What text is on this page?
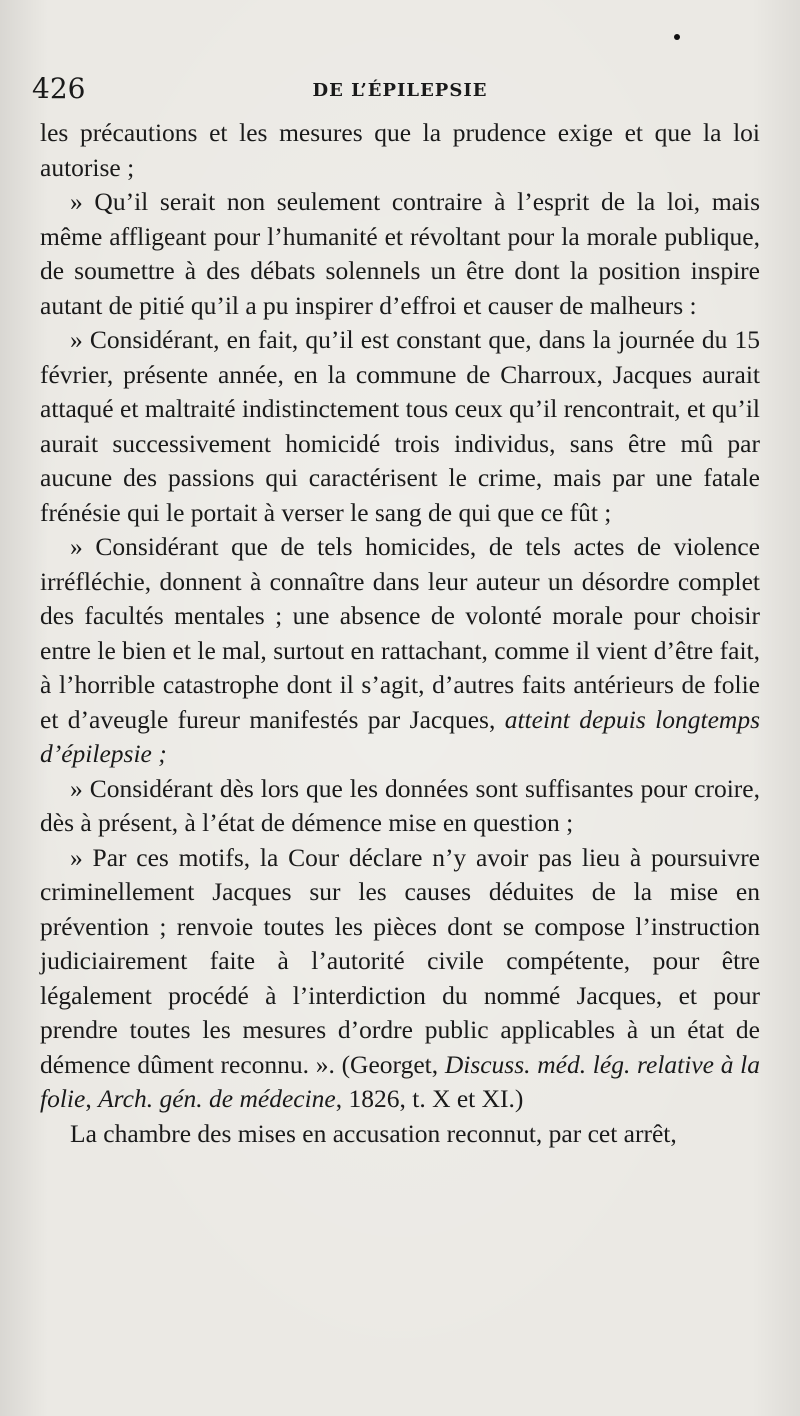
426	DE L’ÉPILEPSIE

les précautions et les mesures que la prudence exige et que la loi autorise ;

» Qu’il serait non seulement contraire à l’esprit de la loi, mais même affligeant pour l’humanité et révoltant pour la morale publique, de soumettre à des débats solennels un être dont la position inspire autant de pitié qu’il a pu inspirer d’effroi et causer de malheurs :

» Considérant, en fait, qu’il est constant que, dans la journée du 15 février, présente année, en la commune de Charroux, Jacques aurait attaqué et maltraité indistinctement tous ceux qu’il rencontrait, et qu’il aurait successivement homicidé trois individus, sans être mû par aucune des passions qui caractérisent le crime, mais par une fatale frénésie qui le portait à verser le sang de qui que ce fût ;

» Considérant que de tels homicides, de tels actes de violence irréfléchie, donnent à connaître dans leur auteur un désordre complet des facultés mentales ; une absence de volonté morale pour choisir entre le bien et le mal, surtout en rattachant, comme il vient d’être fait, à l’horrible catastrophe dont il s’agit, d’autres faits antérieurs de folie et d’aveugle fureur manifestés par Jacques, atteint depuis longtemps d’épilepsie ;

» Considérant dès lors que les données sont suffisantes pour croire, dès à présent, à l’état de démence mise en question ;

» Par ces motifs, la Cour déclare n’y avoir pas lieu à poursuivre criminellement Jacques sur les causes déduites de la mise en prévention ; renvoie toutes les pièces dont se compose l’instruction judiciairement faite à l’autorité civile compétente, pour être légalement procédé à l’interdiction du nommé Jacques, et pour prendre toutes les mesures d’ordre public applicables à un état de démence dûment reconnu. ». (Georget, Discuss. méd. lég. relative à la folie, Arch. gén. de médecine, 1826, t. X et XI.)

La chambre des mises en accusation reconnut, par cet arrêt,
